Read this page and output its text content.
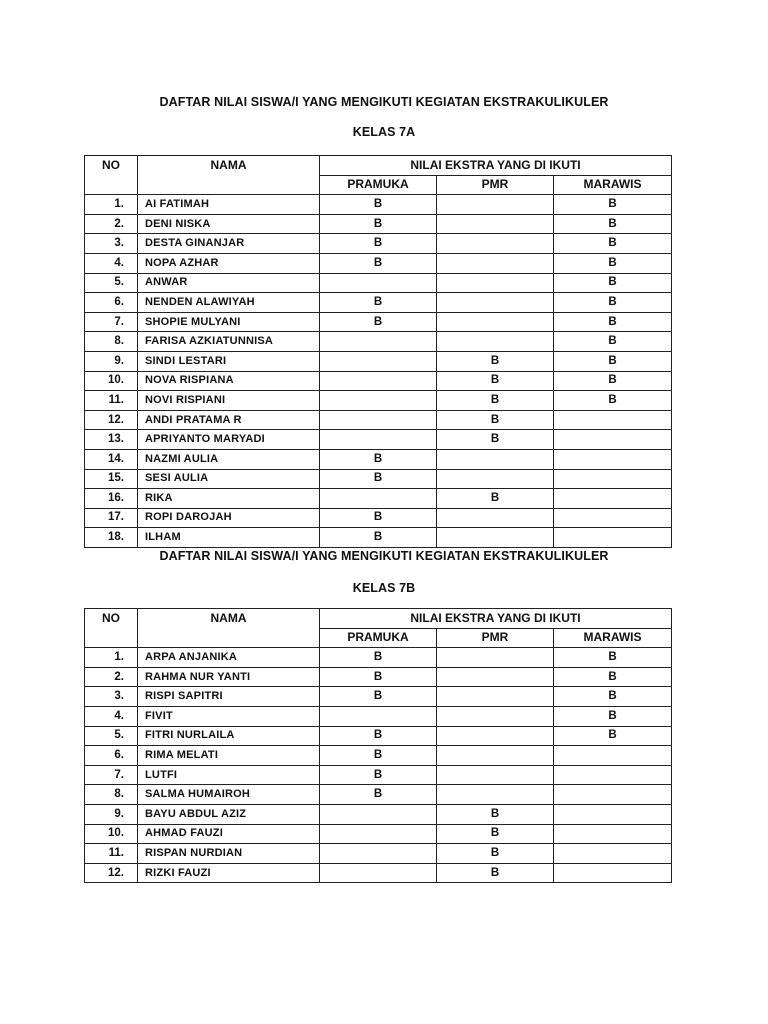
DAFTAR NILAI SISWA/I YANG MENGIKUTI KEGIATAN EKSTRAKULIKULER
KELAS 7A
NO	NAMA	NILAI EKSTRA YANG DI IKUTI		
		PRAMUKA	PMR	MARAWIS
1.	AI FATIMAH	B		B
2.	DENI NISKA	B		B
3.	DESTA GINANJAR	B		B
4.	NOPA AZHAR	B		B
5.	ANWAR			B
6.	NENDEN ALAWIYAH	B		B
7.	SHOPIE MULYANI	B		B
8.	FARISA AZKIATUNNISA			B
9.	SINDI LESTARI		B	B
10.	NOVA RISPIANA		B	B
11.	NOVI RISPIANI		B	B
12.	ANDI PRATAMA R		B	
13.	APRIYANTO MARYADI		B	
14.	NAZMI AULIA	B		
15.	SESI AULIA	B		
16.	RIKA		B	
17.	ROPI DAROJAH	B		
18.	ILHAM	B		
DAFTAR NILAI SISWA/I YANG MENGIKUTI KEGIATAN EKSTRAKULIKULER
KELAS 7B
NO	NAMA	NILAI EKSTRA YANG DI IKUTI		
		PRAMUKA	PMR	MARAWIS
1.	ARPA ANJANIKA	B		B
2.	RAHMA NUR YANTI	B		B
3.	RISPI SAPITRI	B		B
4.	FIVIT			B
5.	FITRI NURLAILA	B		B
6.	RIMA MELATI	B		
7.	LUTFI	B		
8.	SALMA HUMAIROH	B		
9.	BAYU ABDUL AZIZ		B	
10.	AHMAD FAUZI		B	
11.	RISPAN NURDIAN		B	
12.	RIZKI FAUZI		B	
